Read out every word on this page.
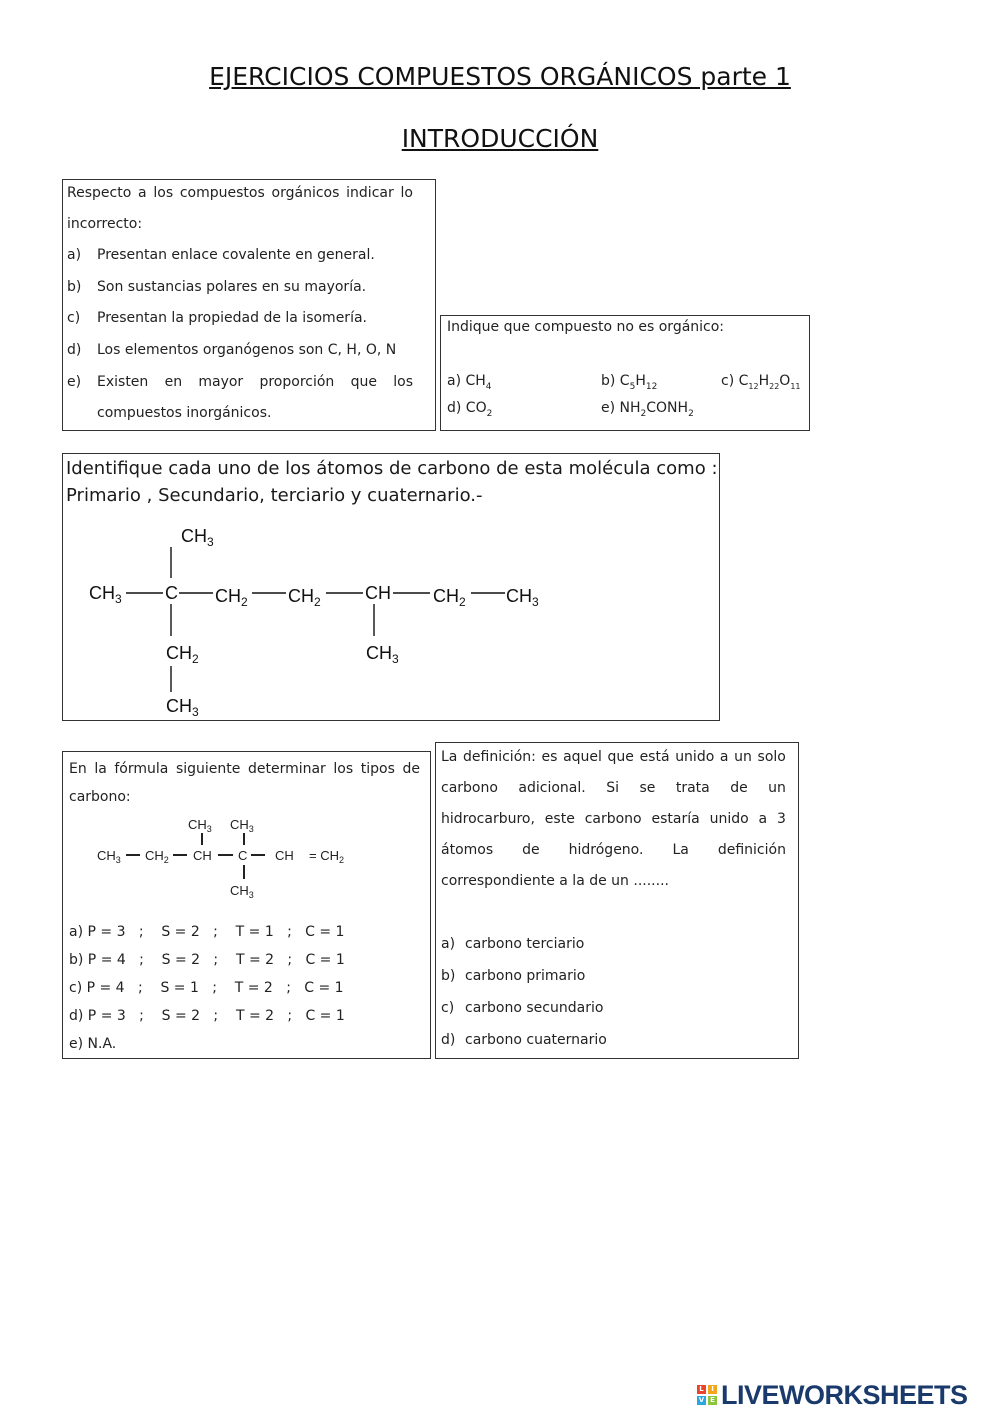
EJERCICIOS COMPUESTOS ORGÁNICOS parte 1
INTRODUCCIÓN
Respecto a los compuestos orgánicos indicar lo
incorrecto:
a) Presentan enlace covalente en general.
b) Son sustancias polares en su mayoría.
c) Presentan la propiedad de la isomería.
d) Los elementos organógenos son C, H, O, N
e) Existen en mayor proporción que los
compuestos inorgánicos.
Indique que compuesto no es orgánico:
a) $CH_4$	b) $C_5H_{12}$	c) $C_{12}H_{22}O_{11}$
d) $CO_2$	e) $NH_2CONH_2$
Identifique cada uno de los átomos de carbono de esta molécula como :
Primario , Secundario, terciario y cuaternario.-
$CH_3$
$CH_3$ C $CH_2$ $CH_2$ CH $CH_2$ $CH_3$
$CH_2$
$CH_3$
$CH_3$
En la fórmula siguiente determinar los tipos de
carbono:
$CH_3$ $CH_3$
$CH_3$ $CH_2$ CH C CH = $CH_2$
$CH_3$
a) P = 3   ;    S = 2   ;    T = 1   ;   C = 1
b) P = 4   ;    S = 2   ;    T = 2   ;   C = 1
c) P = 4   ;    S = 1   ;    T = 2   ;   C = 1
d) P = 3   ;    S = 2   ;    T = 2   ;   C = 1
e) N.A.
La definición: es aquel que está unido a un solo
carbono adicional. Si se trata de un
hidrocarburo, este carbono estaría unido a 3
átomos de hidrógeno. La definición
correspondiente a la de un ........
a) carbono terciario
b) carbono primario
c) carbono secundario
d) carbono cuaternario
L	I
V E LIVEWORKSHEETS
